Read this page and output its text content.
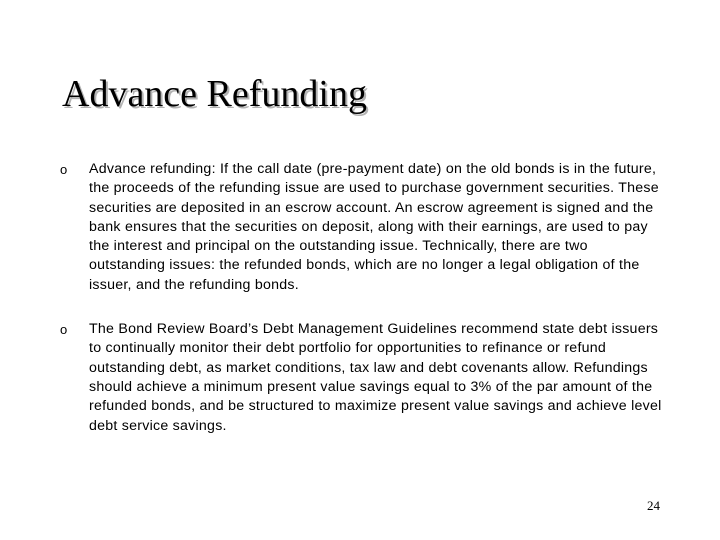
Advance Refunding
o Advance refunding: If the call date (pre-payment date) on the old bonds is in the future, the proceeds of the refunding issue are used to purchase government securities. These securities are deposited in an escrow account. An escrow agreement is signed and the bank ensures that the securities on deposit, along with their earnings, are used to pay the interest and principal on the outstanding issue. Technically, there are two outstanding issues: the refunded bonds, which are no longer a legal obligation of the issuer, and the refunding bonds.

o The Bond Review Board’s Debt Management Guidelines recommend state debt issuers to continually monitor their debt portfolio for opportunities to refinance or refund outstanding debt, as market conditions, tax law and debt covenants allow. Refundings should achieve a minimum present value savings equal to 3% of the par amount of the refunded bonds, and be structured to maximize present value savings and achieve level debt service savings.

24
